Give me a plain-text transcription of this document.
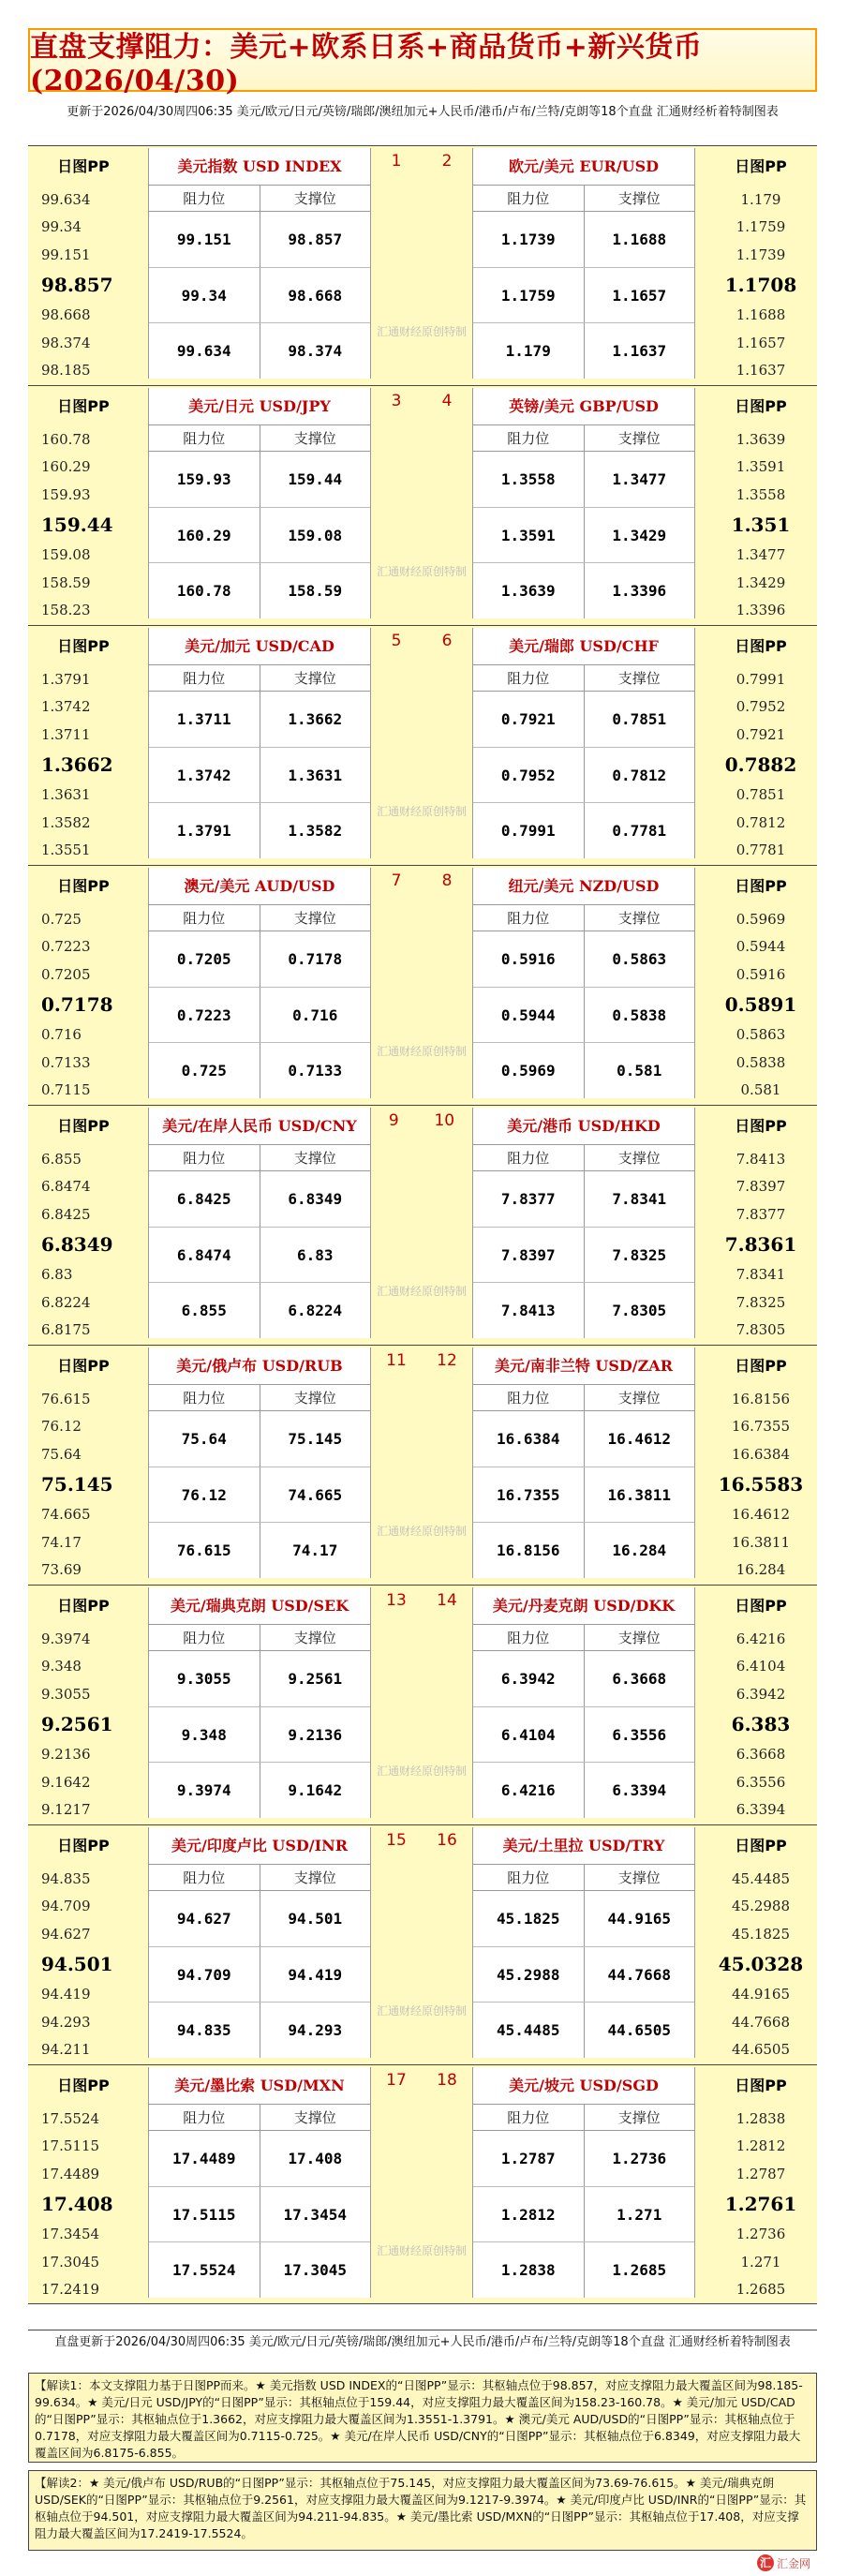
直盘支撑阻力：美元+欧系日系+商品货币+新兴货币(2026/04/30)
更新于2026/04/30周四06:35 美元/欧元/日元/英镑/瑞郎/澳纽加元+人民币/港币/卢布/兰特/克朗等18个直盘 汇通财经析着特制图表
日图PP
99.634
99.34
99.151
98.857
98.668
98.374
98.185
美元指数 USD INDEX
阻力位	支撑位
99.151	98.857
99.34	98.668
99.634	98.374
欧元/美元 EUR/USD
阻力位	支撑位
1.1739	1.1688
1.1759	1.1657
1.179	1.1637
1	2
汇通财经原创特制
日图PP
1.179
1.1759
1.1739
1.1708
1.1688
1.1657
1.1637
日图PP
160.78
160.29
159.93
159.44
159.08
158.59
158.23
美元/日元 USD/JPY
阻力位	支撑位
159.93	159.44
160.29	159.08
160.78	158.59
英镑/美元 GBP/USD
阻力位	支撑位
1.3558	1.3477
1.3591	1.3429
1.3639	1.3396
3	4
汇通财经原创特制
日图PP
1.3639
1.3591
1.3558
1.351
1.3477
1.3429
1.3396
日图PP
1.3791
1.3742
1.3711
1.3662
1.3631
1.3582
1.3551
美元/加元 USD/CAD
阻力位	支撑位
1.3711	1.3662
1.3742	1.3631
1.3791	1.3582
美元/瑞郎 USD/CHF
阻力位	支撑位
0.7921	0.7851
0.7952	0.7812
0.7991	0.7781
5	6
汇通财经原创特制
日图PP
0.7991
0.7952
0.7921
0.7882
0.7851
0.7812
0.7781
日图PP
0.725
0.7223
0.7205
0.7178
0.716
0.7133
0.7115
澳元/美元 AUD/USD
阻力位	支撑位
0.7205	0.7178
0.7223	0.716
0.725	0.7133
纽元/美元 NZD/USD
阻力位	支撑位
0.5916	0.5863
0.5944	0.5838
0.5969	0.581
7	8
汇通财经原创特制
日图PP
0.5969
0.5944
0.5916
0.5891
0.5863
0.5838
0.581
日图PP
6.855
6.8474
6.8425
6.8349
6.83
6.8224
6.8175
美元/在岸人民币 USD/CNY
阻力位	支撑位
6.8425	6.8349
6.8474	6.83
6.855	6.8224
美元/港币 USD/HKD
阻力位	支撑位
7.8377	7.8341
7.8397	7.8325
7.8413	7.8305
9 10
汇通财经原创特制
日图PP
7.8413
7.8397
7.8377
7.8361
7.8341
7.8325
7.8305
日图PP
76.615
76.12
75.64
75.145
74.665
74.17
73.69
美元/俄卢布 USD/RUB
阻力位	支撑位
75.64	75.145
76.12	74.665
76.615	74.17
美元/南非兰特 USD/ZAR
阻力位	支撑位
16.6384	16.4612
16.7355	16.3811
16.8156	16.284
11 12
汇通财经原创特制
日图PP
16.8156
16.7355
16.6384
16.5583
16.4612
16.3811
16.284
日图PP
9.3974
9.348
9.3055
9.2561
9.2136
9.1642
9.1217
美元/瑞典克朗 USD/SEK
阻力位	支撑位
9.3055	9.2561
9.348	9.2136
9.3974	9.1642
美元/丹麦克朗 USD/DKK
阻力位	支撑位
6.3942	6.3668
6.4104	6.3556
6.4216	6.3394
13 14
汇通财经原创特制
日图PP
6.4216
6.4104
6.3942
6.383
6.3668
6.3556
6.3394
日图PP
94.835
94.709
94.627
94.501
94.419
94.293
94.211
美元/印度卢比 USD/INR
阻力位	支撑位
94.627	94.501
94.709	94.419
94.835	94.293
美元/土里拉 USD/TRY
阻力位	支撑位
45.1825	44.9165
45.2988	44.7668
45.4485	44.6505
15 16
汇通财经原创特制
日图PP
45.4485
45.2988
45.1825
45.0328
44.9165
44.7668
44.6505
日图PP
17.5524
17.5115
17.4489
17.408
17.3454
17.3045
17.2419
美元/墨比索 USD/MXN
阻力位	支撑位
17.4489	17.408
17.5115	17.3454
17.5524	17.3045
美元/坡元 USD/SGD
阻力位	支撑位
1.2787	1.2736
1.2812	1.271
1.2838	1.2685
17 18
汇通财经原创特制
日图PP
1.2838
1.2812
1.2787
1.2761
1.2736
1.271
1.2685
直盘更新于2026/04/30周四06:35 美元/欧元/日元/英镑/瑞郎/澳纽加元+人民币/港币/卢布/兰特/克朗等18个直盘 汇通财经析着特制图表
【解读1：本文支撑阻力基于日图PP而来。★ 美元指数 USD INDEX的“日图PP”显示：其枢轴点位于98.857，对应支撑阻力最大覆盖区间为98.185-99.634。★ 美元/日元 USD/JPY的“日图PP”显示：其枢轴点位于159.44，对应支撑阻力最大覆盖区间为158.23-160.78。★ 美元/加元 USD/CAD的“日图PP”显示：其枢轴点位于1.3662，对应支撑阻力最大覆盖区间为1.3551-1.3791。★ 澳元/美元 AUD/USD的“日图PP”显示：其枢轴点位于0.7178，对应支撑阻力最大覆盖区间为0.7115-0.725。★ 美元/在岸人民币 USD/CNY的“日图PP”显示：其枢轴点位于6.8349，对应支撑阻力最大覆盖区间为6.8175-6.855。
【解读2：★ 美元/俄卢布 USD/RUB的“日图PP”显示：其枢轴点位于75.145，对应支撑阻力最大覆盖区间为73.69-76.615。★ 美元/瑞典克朗 USD/SEK的“日图PP”显示：其枢轴点位于9.2561，对应支撑阻力最大覆盖区间为9.1217-9.3974。★ 美元/印度卢比 USD/INR的“日图PP”显示：其枢轴点位于94.501，对应支撑阻力最大覆盖区间为94.211-94.835。★ 美元/墨比索 USD/MXN的“日图PP”显示：其枢轴点位于17.408，对应支撑阻力最大覆盖区间为17.2419-17.5524。
汇 汇金网
